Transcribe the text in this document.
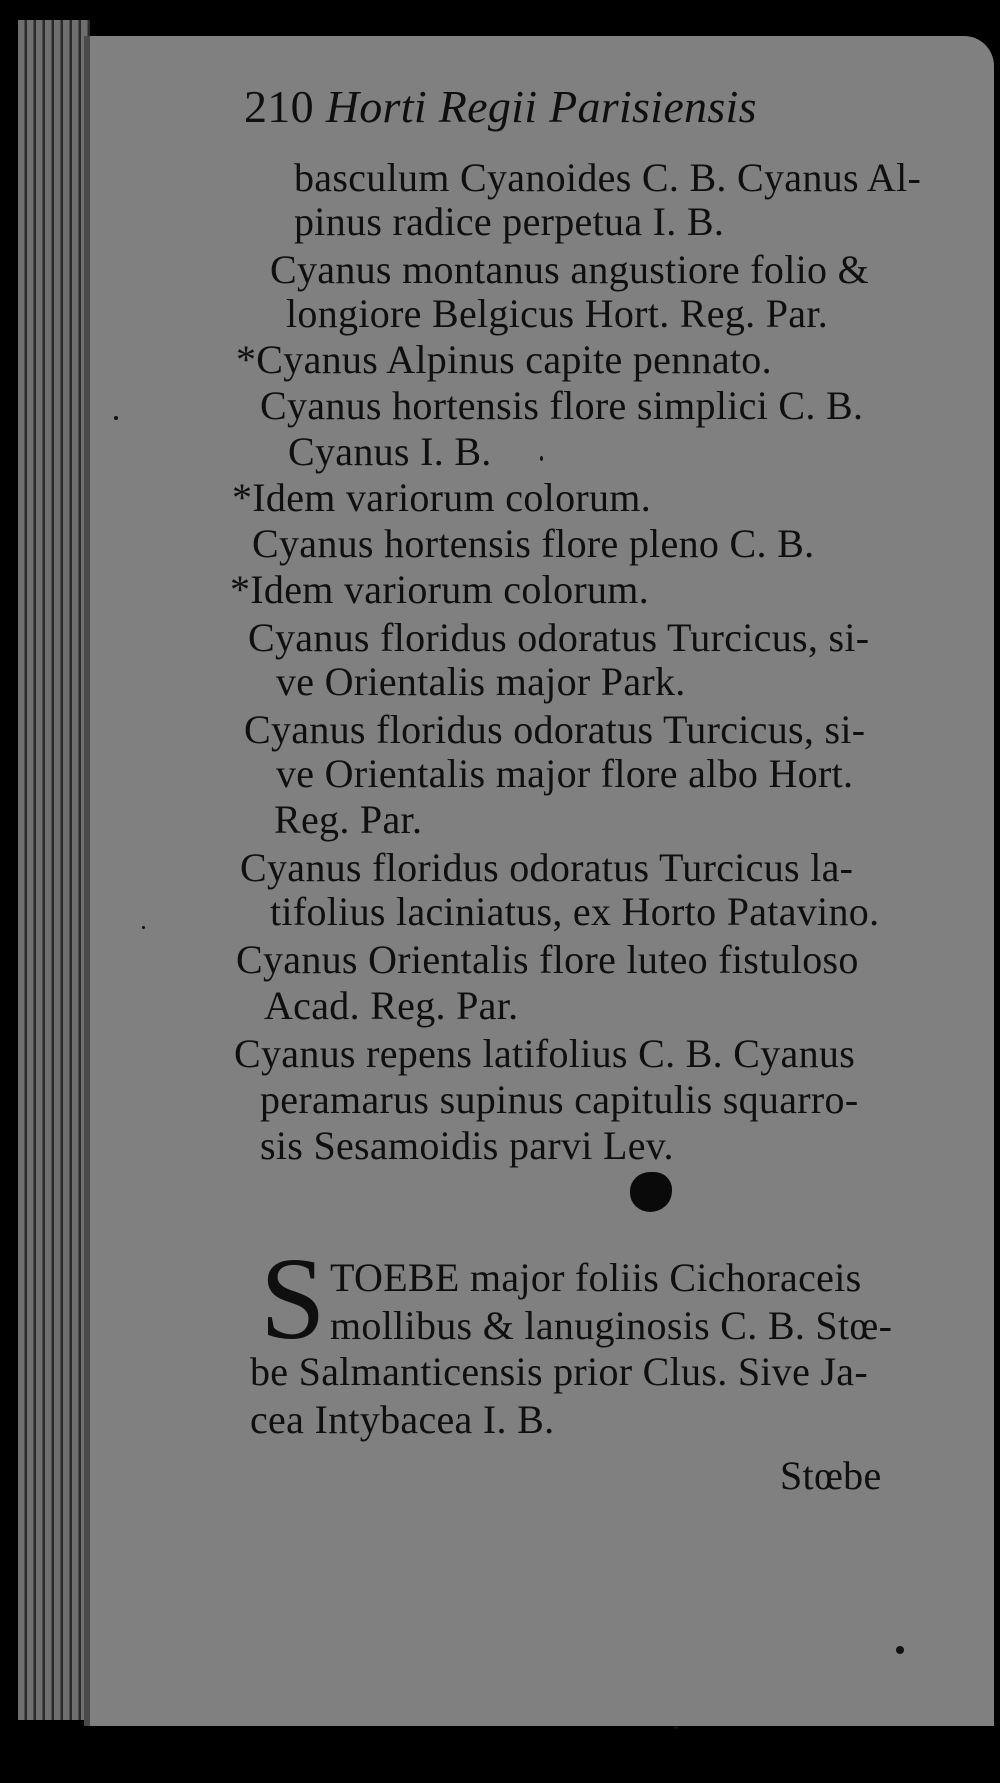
210 Horti Regii Parisiensis
basculum Cyanoides C. B. Cyanus Al-
pinus radice perpetua I. B.
Cyanus montanus angustiore folio &
longiore Belgicus Hort. Reg. Par.
*Cyanus Alpinus capite pennato.
Cyanus hortensis flore simplici C. B.
Cyanus I. B.
*Idem variorum colorum.
Cyanus hortensis flore pleno C. B.
*Idem variorum colorum.
Cyanus floridus odoratus Turcicus, si-
ve Orientalis major Park.
Cyanus floridus odoratus Turcicus, si-
ve Orientalis major flore albo Hort.
Reg. Par.
Cyanus floridus odoratus Turcicus la-
tifolius laciniatus, ex Horto Patavino.
Cyanus Orientalis flore luteo fistuloso
Acad. Reg. Par.
Cyanus repens latifolius C. B. Cyanus
peramarus supinus capitulis squarro-
sis Sesamoidis parvi Lev.
S TOEBE major foliis Cichoraceis
mollibus & lanuginosis C. B. Stœ-
be Salmanticensis prior Clus. Sive Ja-
cea Intybacea I. B.
Stœbe
